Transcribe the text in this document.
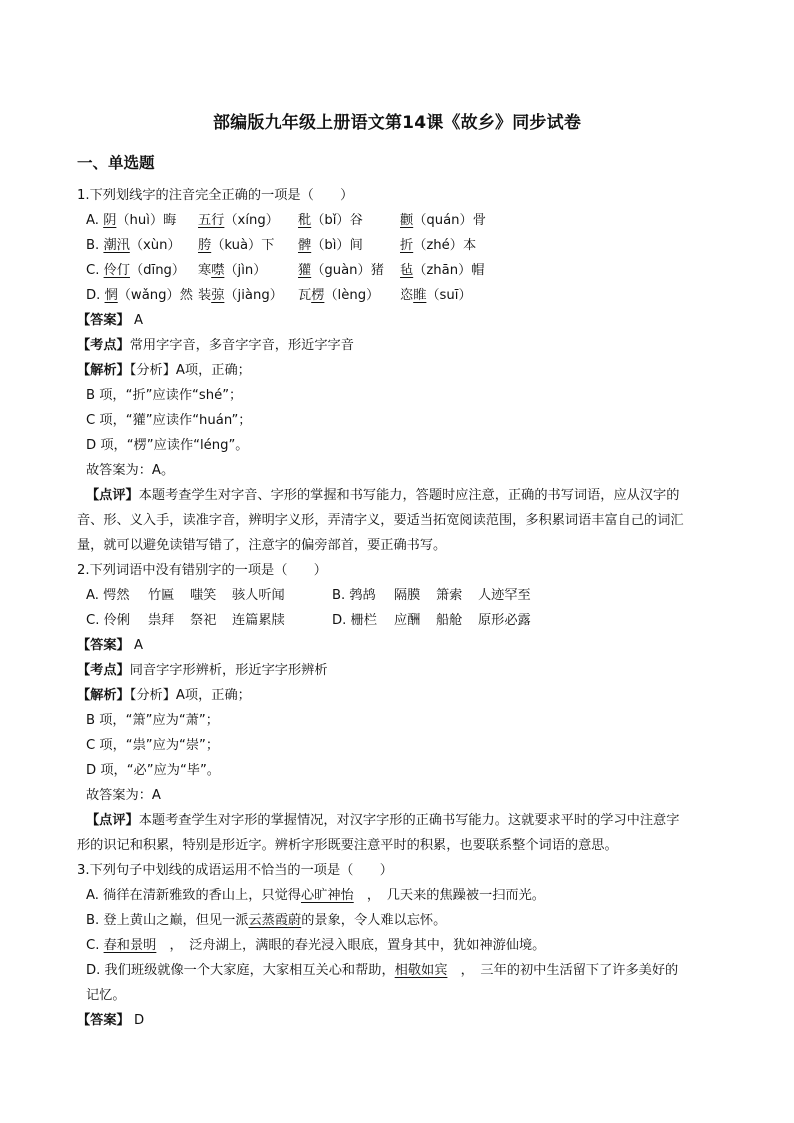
部编版九年级上册语文第14课《故乡》同步试卷
一、单选题
1.下列划线字的注音完全正确的一项是（　　）
A. 阴（huì）晦 五行（xíng） 秕（bǐ）谷	颧（quán）骨
B. 潮汛（xùn） 胯（kuà）下 髀（bì）间	折（zhé）本
C. 伶仃（dīng） 寒噤（jìn） 獾（guàn）猪 毡（zhān）帽
D. 惘（wǎng）然 装弶（jiàng） 瓦楞（lèng） 恣睢（suī）
【答案】 A
【考点】常用字字音，多音字字音，形近字字音
【解析】【分析】A项，正确；
B 项，“折”应读作“shé”；
C 项，“獾”应读作“huán”；
D 项，“楞”应读作“léng”。
故答案为：A。
【点评】本题考查学生对字音、字形的掌握和书写能力，答题时应注意，正确的书写词语，应从汉字的
音、形、义入手，读准字音，辨明字义形，弄清字义，要适当拓宽阅读范围，多积累词语丰富自己的词汇
量，就可以避免读错写错了，注意字的偏旁部首，要正确书写。
2.下列词语中没有错别字的一项是（　　）
A. 愕然 竹匾 嗤笑 骇人听闻	B. 鹁鸪 隔膜 箫索 人迹罕至
C. 伶俐 祟拜 祭祀 连篇累牍	D. 栅栏 应酬 船舱 原形必露
【答案】 A
【考点】同音字字形辨析，形近字字形辨析
【解析】【分析】A项，正确；
B 项，“箫”应为“萧”；
C 项，“祟”应为“崇”；
D 项，“必”应为“毕”。
故答案为：A
【点评】本题考查学生对字形的掌握情况，对汉字字形的正确书写能力。这就要求平时的学习中注意字
形的识记和积累，特别是形近字。辨析字形既要注意平时的积累，也要联系整个词语的意思。
3.下列句子中划线的成语运用不恰当的一项是（　　）
A. 徜徉在清新雅致的香山上，只觉得心旷神怡　，　几天来的焦躁被一扫而光。
B. 登上黄山之巅，但见一派云蒸霞蔚的景象，令人难以忘怀。
C. 春和景明　，　泛舟湖上，满眼的春光浸入眼底，置身其中，犹如神游仙境。
D. 我们班级就像一个大家庭，大家相互关心和帮助，相敬如宾　，　三年的初中生活留下了许多美好的
记忆。
【答案】 D
